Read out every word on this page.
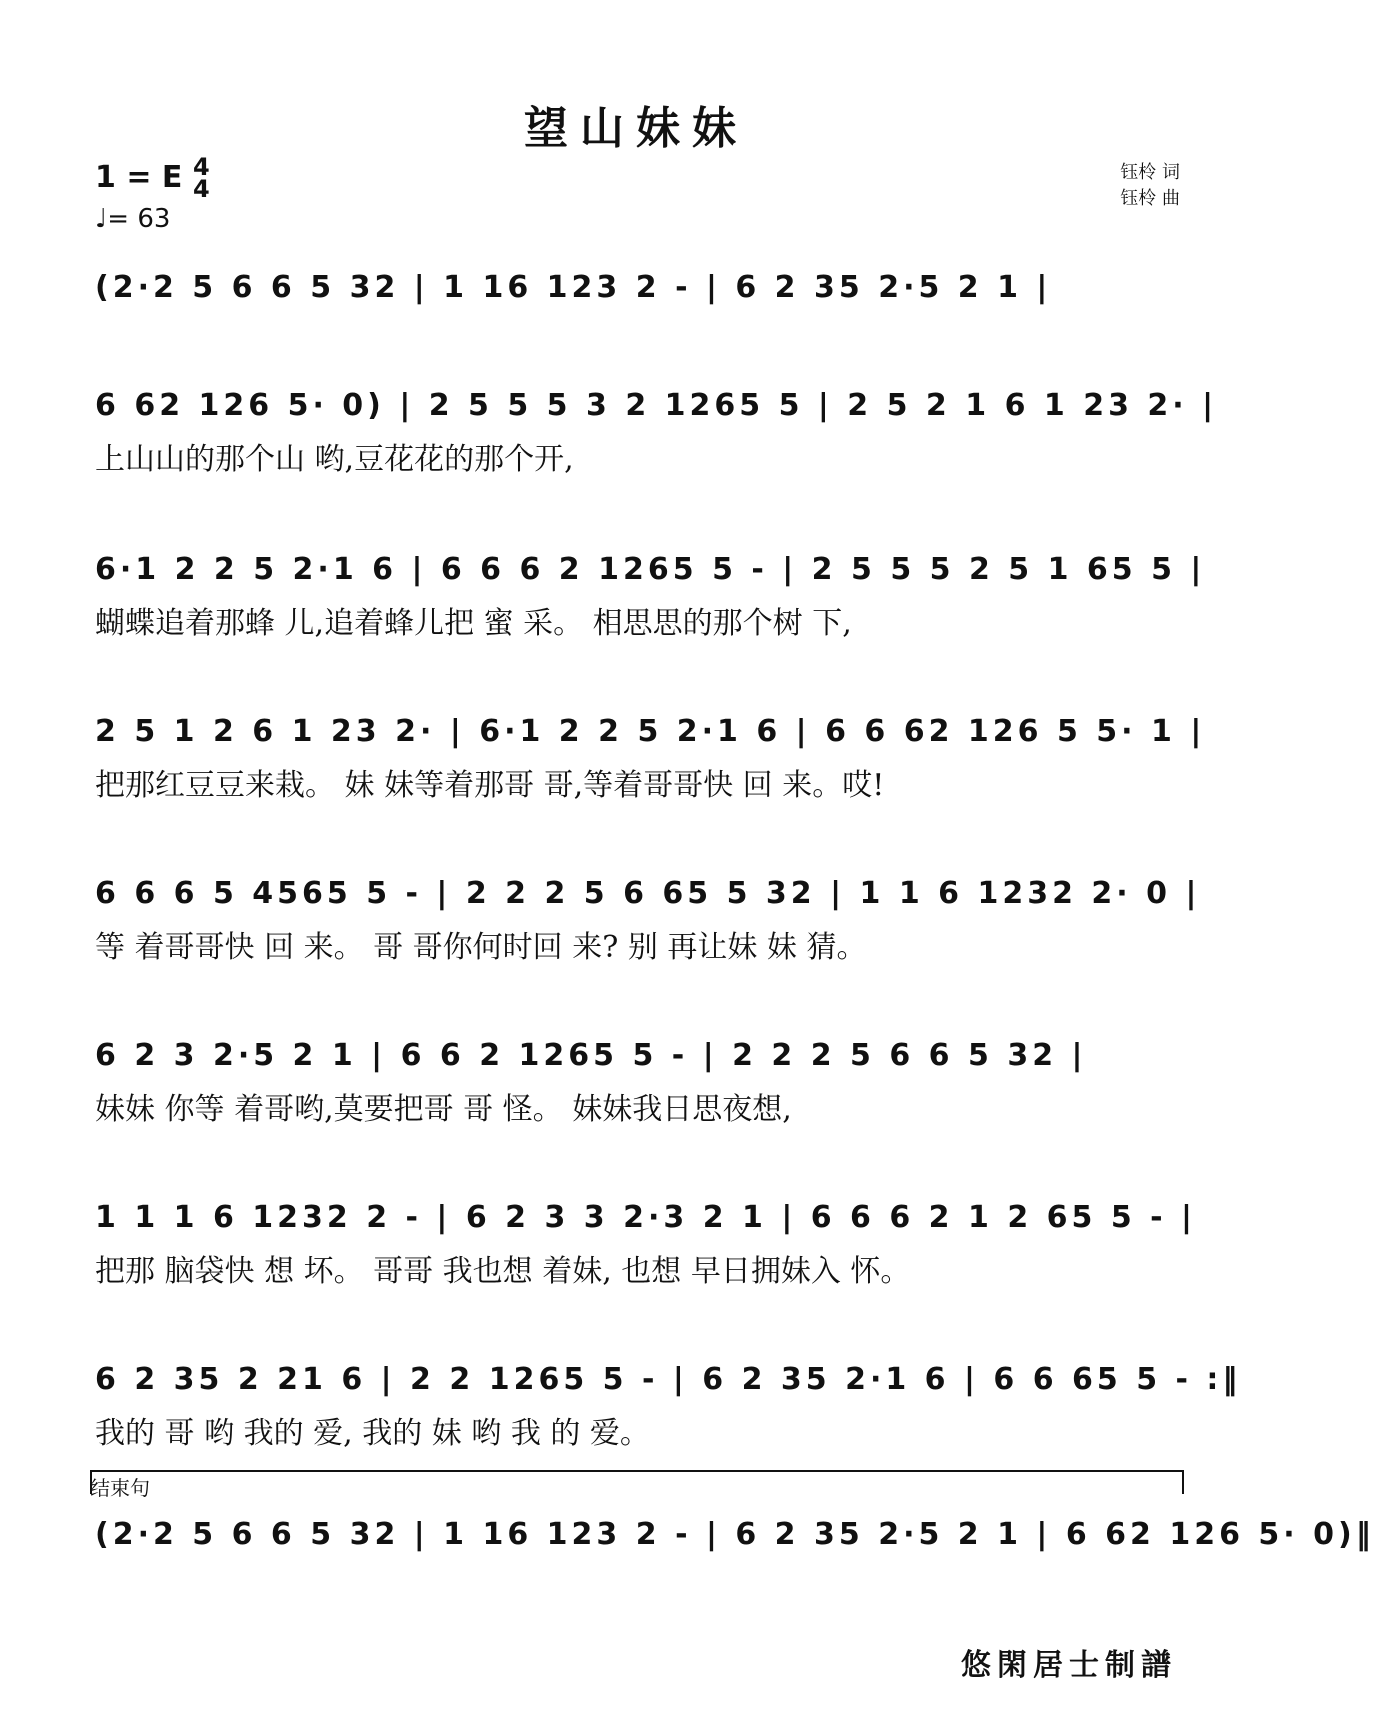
望山妹妹
1 = E 4
4
♩= 63
钰柃 词
钰柃 曲
(2·2 5 6 6 5 32 | 1 16 123 2 - | 6 2 35 2·5 2 1 |
6 62 126 5· 0) | 2 5 5 5 3 2 1265 5 | 2 5 2 1 6 1 23 2· |
上山山的那个山 哟,豆花花的那个开,
6·1 2 2 5 2·1 6 | 6 6 6 2 1265 5 - | 2 5 5 5 2 5 1 65 5 |
蝴蝶追着那蜂 儿,追着蜂儿把 蜜 采。 相思思的那个树 下,
2 5 1 2 6 1 23 2· | 6·1 2 2 5 2·1 6 | 6 6 62 126 5 5· 1 |
把那红豆豆来栽。 妹 妹等着那哥 哥,等着哥哥快 回 来。哎!
6 6 6 5 4565 5 - | 2 2 2 5 6 65 5 32 | 1 1 6 1232 2· 0 |
等 着哥哥快 回 来。 哥 哥你何时回 来? 别 再让妹 妹 猜。
6 2 3 2·5 2 1 | 6 6 2 1265 5 - | 2 2 2 5 6 6 5 32 |
妹妹 你等 着哥哟,莫要把哥 哥 怪。 妹妹我日思夜想,
1 1 1 6 1232 2 - | 6 2 3 3 2·3 2 1 | 6 6 6 2 1 2 65 5 - |
把那 脑袋快 想 坏。 哥哥 我也想 着妹, 也想 早日拥妹入 怀。
6 2 35 2 21 6 | 2 2 1265 5 - | 6 2 35 2·1 6 | 6 6 65 5 - :‖
我的 哥 哟 我的 爱, 我的 妹 哟 我 的 爱。
结束句
(2·2 5 6 6 5 32 | 1 16 123 2 - | 6 2 35 2·5 2 1 | 6 62 126 5· 0)‖
悠閑居士制譜
